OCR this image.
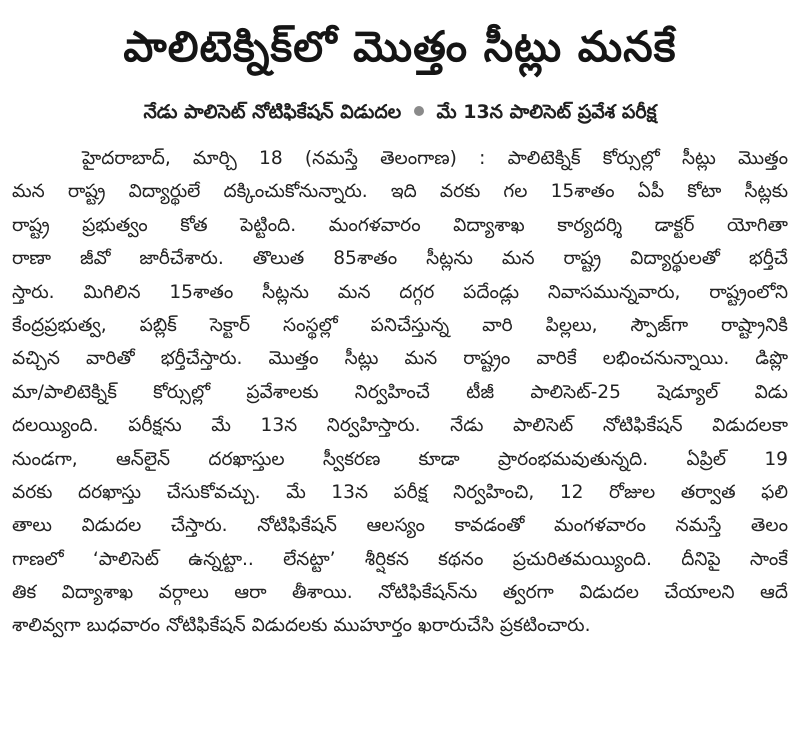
పాలిటెక్నిక్‌లో మొత్తం సీట్లు మనకే
నేడు పాలిసెట్ నోటిఫికేషన్ విడుదల మే 13న పాలిసెట్ ప్రవేశ పరీక్ష
హైదరాబాద్, మార్చి 18 (నమస్తే తెలంగాణ) : పాలిటెక్నిక్ కోర్సుల్లో సీట్లు మొత్తం
మన రాష్ట్ర విద్యార్థులే దక్కించుకోనున్నారు. ఇది వరకు గల 15శాతం ఏపీ కోటా సీట్లకు
రాష్ట్ర ప్రభుత్వం కోత పెట్టింది. మంగళవారం విద్యాశాఖ కార్యదర్శి డాక్టర్ యోగితా
రాణా జీవో జారీచేశారు. తొలుత 85శాతం సీట్లను మన రాష్ట్ర విద్యార్థులతో భర్తీచే
స్తారు. మిగిలిన 15శాతం సీట్లను మన దగ్గర పదేండ్లు నివాసమున్నవారు, రాష్ట్రంలోని
కేంద్రప్రభుత్వ, పబ్లిక్ సెక్టార్ సంస్థల్లో పనిచేస్తున్న వారి పిల్లలు, స్పౌజ్‌గా రాష్ట్రానికి
వచ్చిన వారితో భర్తీచేస్తారు. మొత్తం సీట్లు మన రాష్ట్రం వారికే లభించనున్నాయి. డిప్లొ
మా/పాలిటెక్నిక్ కోర్సుల్లో ప్రవేశాలకు నిర్వహించే టీజీ పాలిసెట్-25 షెడ్యూల్ విడు
దలయ్యింది. పరీక్షను మే 13న నిర్వహిస్తారు. నేడు పాలిసెట్ నోటిఫికేషన్ విడుదలకా
నుండగా, ఆన్‌లైన్ దరఖాస్తుల స్వీకరణ కూడా ప్రారంభమవుతున్నది. ఏప్రిల్ 19
వరకు దరఖాస్తు చేసుకోవచ్చు. మే 13న పరీక్ష నిర్వహించి, 12 రోజుల తర్వాత ఫలి
తాలు విడుదల చేస్తారు. నోటిఫికేషన్ ఆలస్యం కావడంతో మంగళవారం నమస్తే తెలం
గాణలో ‘పాలిసెట్ ఉన్నట్టా.. లేనట్టా’ శీర్షికన కథనం ప్రచురితమయ్యింది. దీనిపై సాంకే
తిక విద్యాశాఖ వర్గాలు ఆరా తీశాయి. నోటిఫికేషన్‌ను త్వరగా విడుదల చేయాలని ఆదే
శాలివ్వగా బుధవారం నోటిఫికేషన్ విడుదలకు ముహూర్తం ఖరారుచేసి ప్రకటించారు.
